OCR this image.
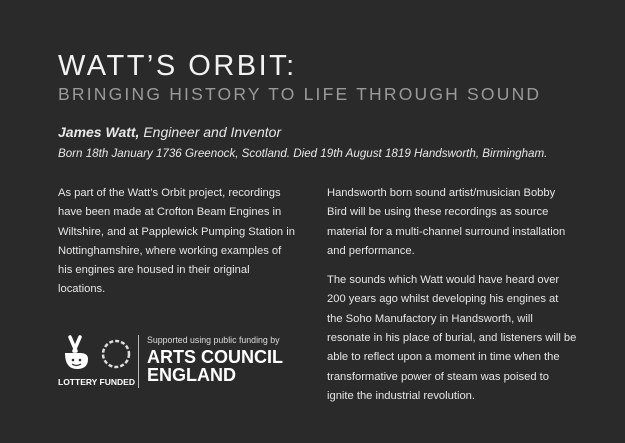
WATT’S ORBIT:
BRINGING HISTORY TO LIFE THROUGH SOUND
James Watt, Engineer and Inventor
Born 18th January 1736 Greenock, Scotland. Died 19th August 1819 Handsworth, Birmingham.

As part of the Watt’s Orbit project, recordings have been made at Crofton Beam Engines in Wiltshire, and at Papplewick Pumping Station in Nottinghamshire, where working examples of his engines are housed in their original locations.

Handsworth born sound artist/musician Bobby Bird will be using these recordings as source material for a multi-channel surround installation and performance.

The sounds which Watt would have heard over 200 years ago whilst developing his engines at the Soho Manufactory in Handsworth, will resonate in his place of burial, and listeners will be able to reflect upon a moment in time when the transformative power of steam was poised to ignite the industrial revolution.

LOTTERY FUNDED
Supported using public funding by
ARTS COUNCIL
ENGLAND
